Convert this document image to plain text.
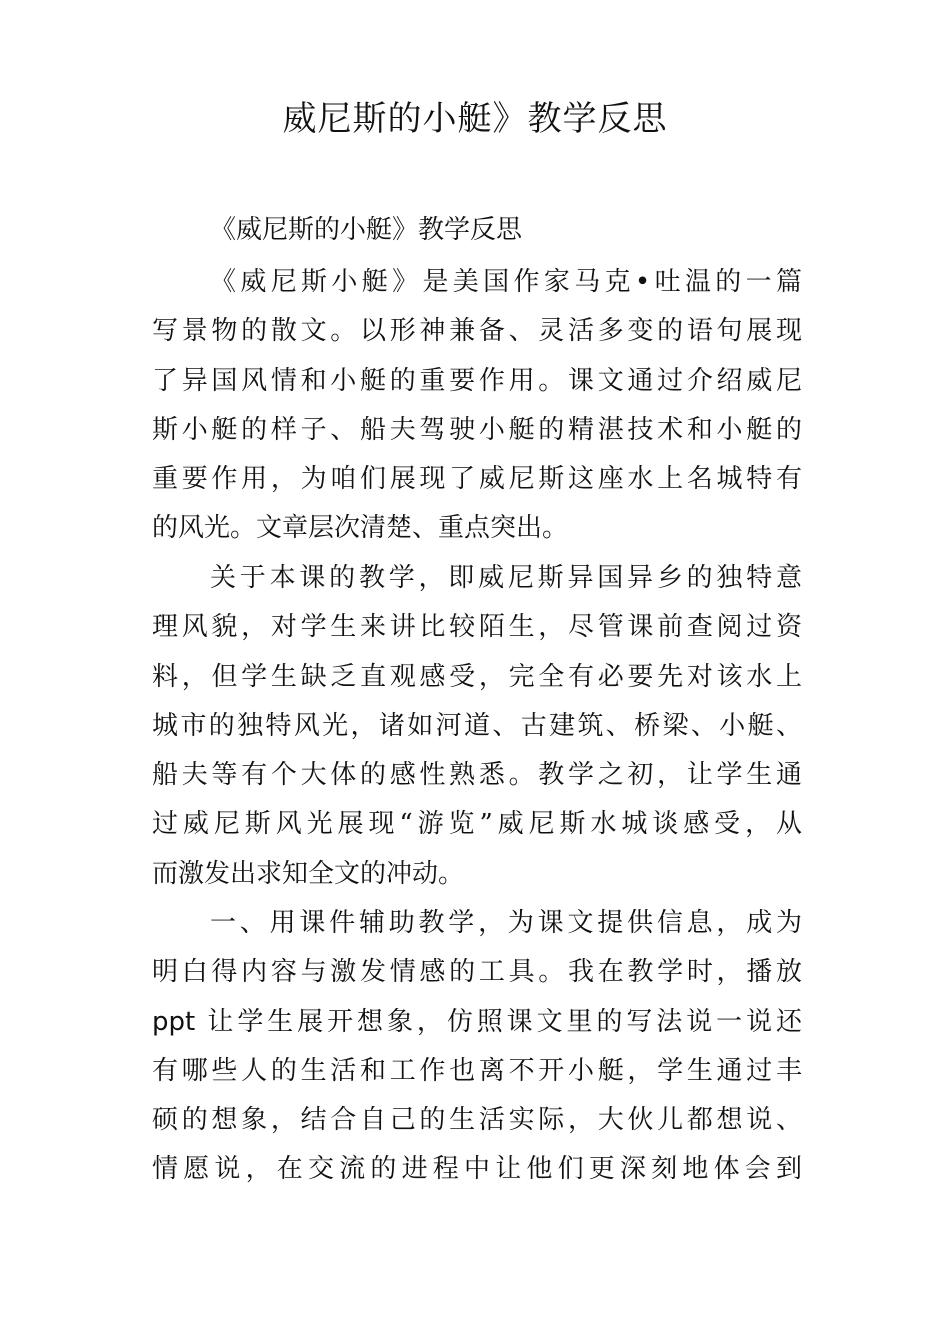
威尼斯的小艇》教学反思
《威尼斯的小艇》教学反思
《威尼斯小艇》是美国作家马克•吐温的一篇
写景物的散文。以形神兼备、灵活多变的语句展现
了异国风情和小艇的重要作用。课文通过介绍威尼
斯小艇的样子、船夫驾驶小艇的精湛技术和小艇的
重要作用，为咱们展现了威尼斯这座水上名城特有
的风光。文章层次清楚、重点突出。
关于本课的教学，即威尼斯异国异乡的独特意
理风貌，对学生来讲比较陌生，尽管课前查阅过资
料，但学生缺乏直观感受，完全有必要先对该水上
城市的独特风光，诸如河道、古建筑、桥梁、小艇、
船夫等有个大体的感性熟悉。教学之初，让学生通
过威尼斯风光展现“游览”威尼斯水城谈感受，从
而激发出求知全文的冲动。
一、用课件辅助教学，为课文提供信息，成为
明白得内容与激发情感的工具。我在教学时，播放
ppt 让学生展开想象，仿照课文里的写法说一说还
有哪些人的生活和工作也离不开小艇，学生通过丰
硕的想象，结合自己的生活实际，大伙儿都想说、
情愿说，在交流的进程中让他们更深刻地体会到
